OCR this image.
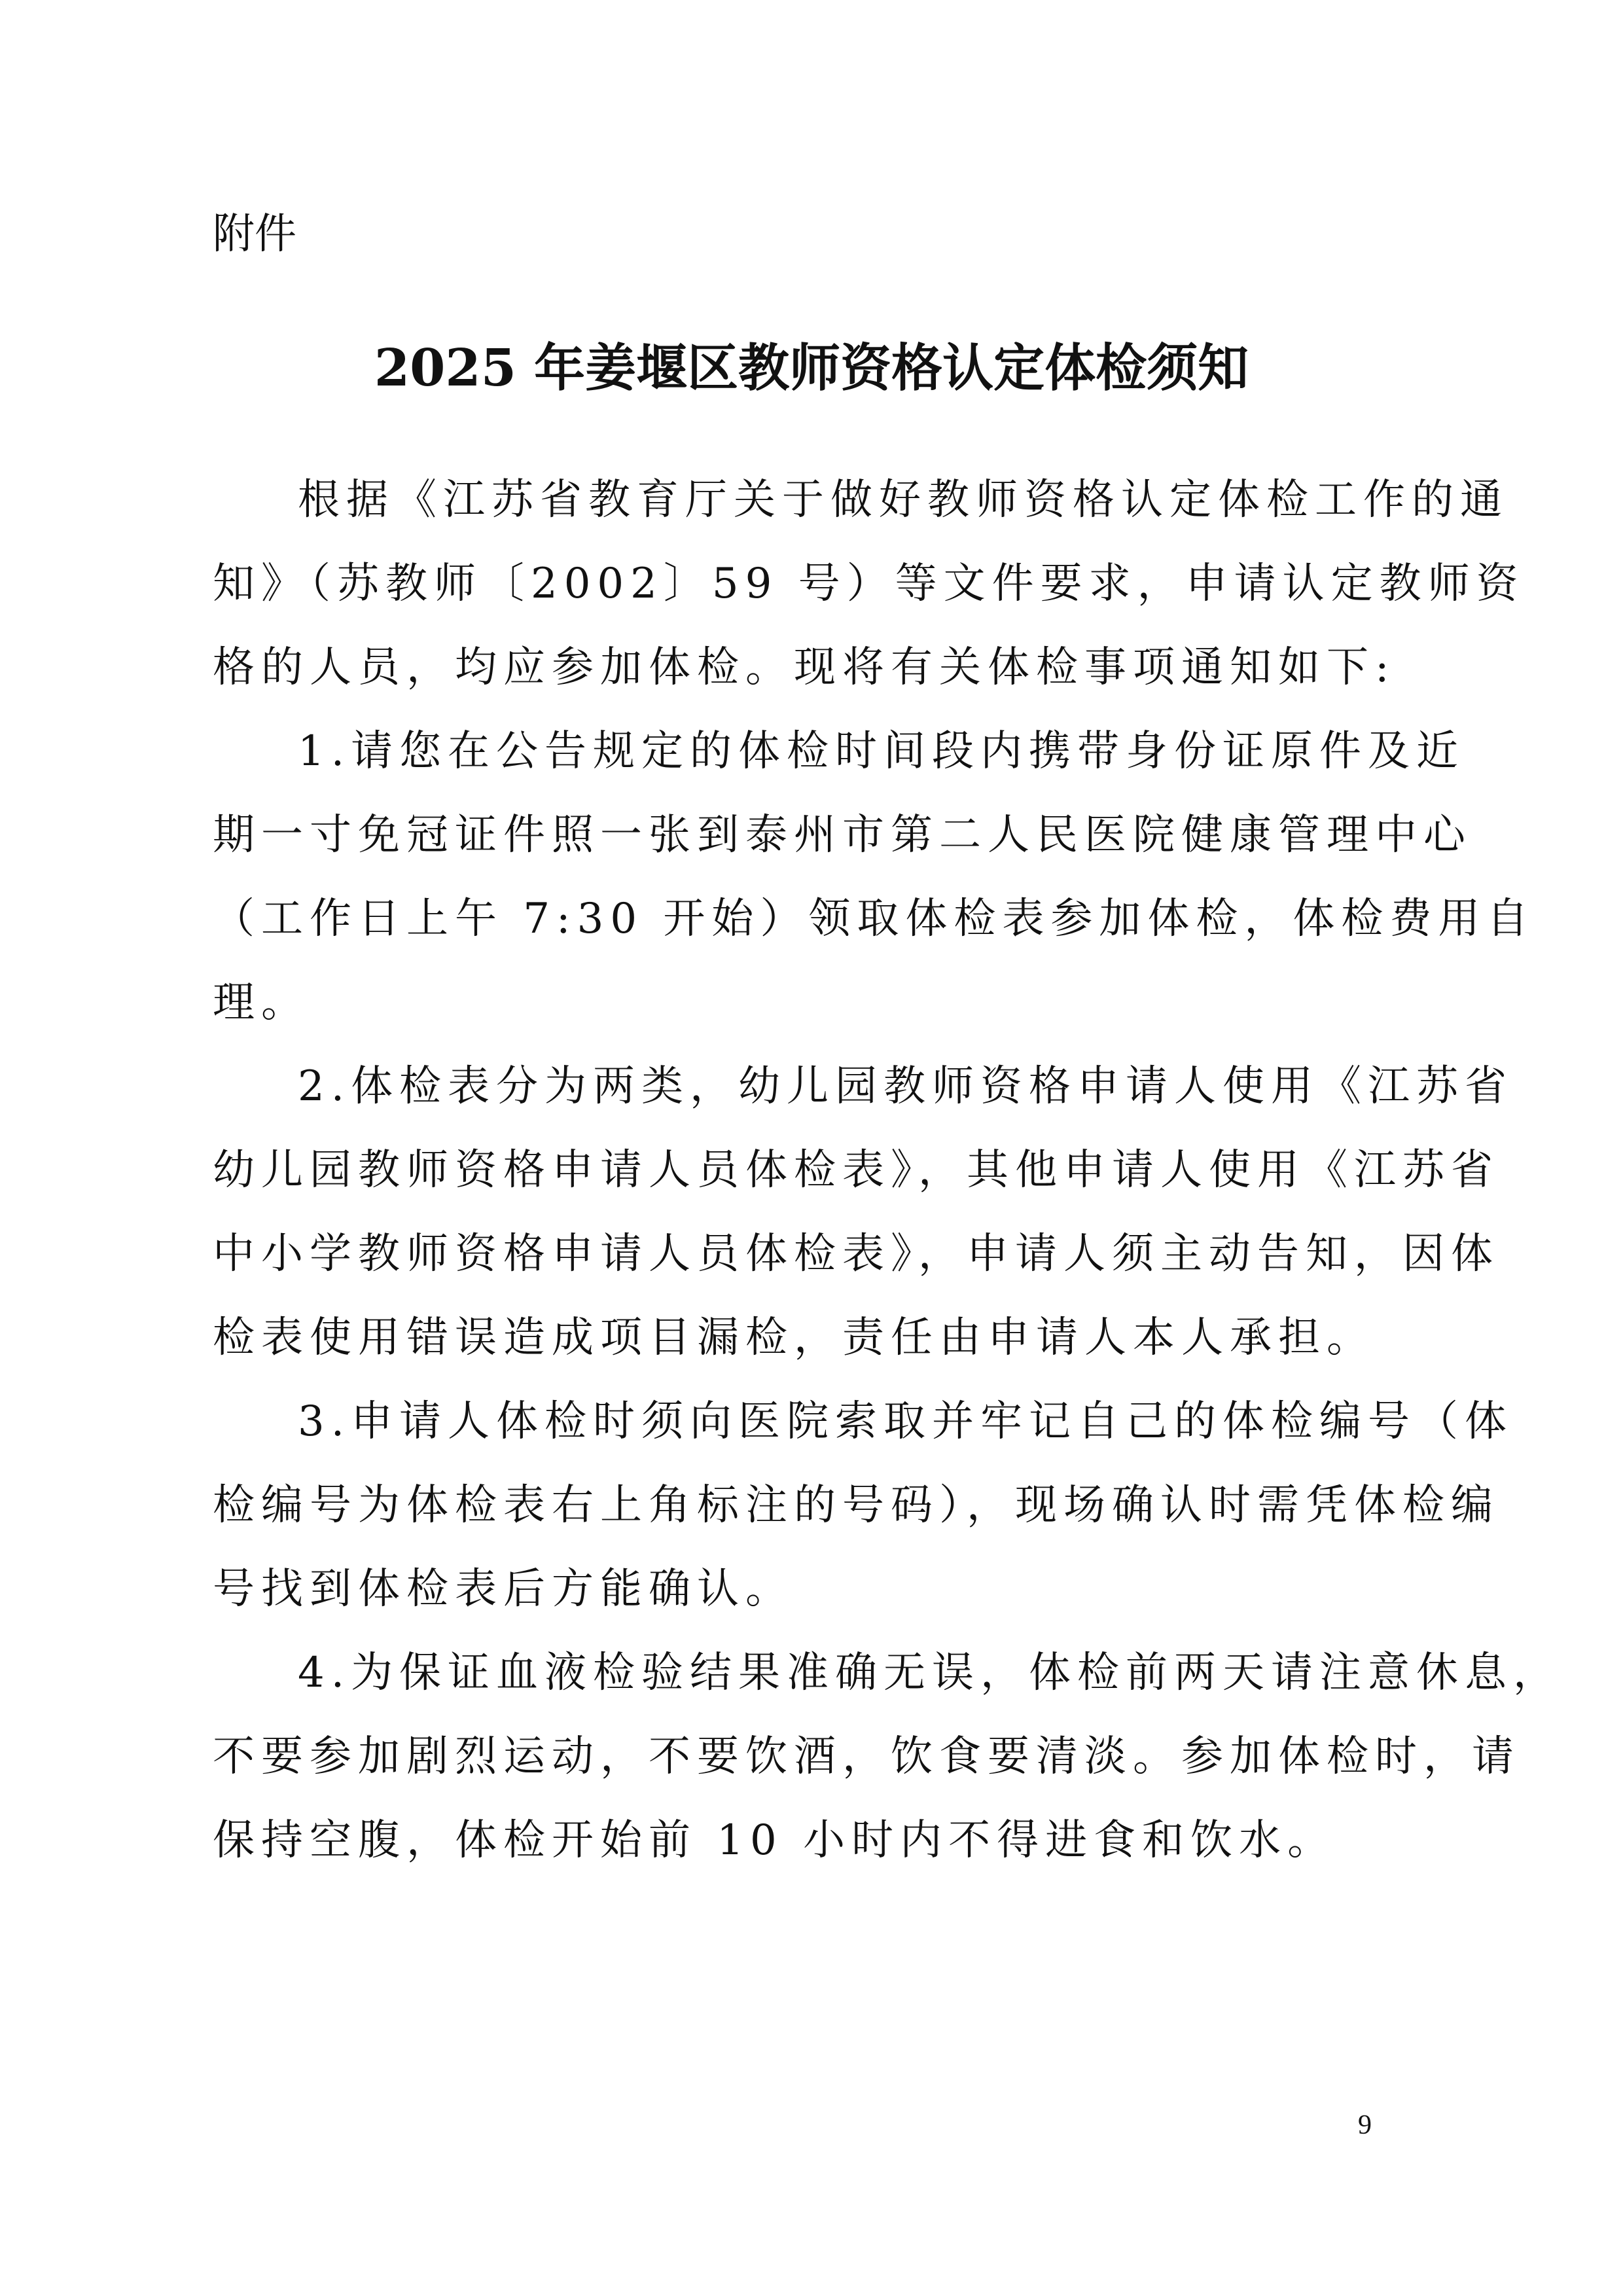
附件

2025 年姜堰区教师资格认定体检须知
根据《江苏省教育厅关于做好教师资格认定体检工作的通
知》（苏教师〔2002〕59 号）等文件要求，申请认定教师资
格的人员，均应参加体检。现将有关体检事项通知如下:
1.请您在公告规定的体检时间段内携带身份证原件及近
期一寸免冠证件照一张到泰州市第二人民医院健康管理中心
（工作日上午 7:30 开始）领取体检表参加体检，体检费用自
理。
2.体检表分为两类，幼儿园教师资格申请人使用《江苏省
幼儿园教师资格申请人员体检表》，其他申请人使用《江苏省
中小学教师资格申请人员体检表》，申请人须主动告知，因体
检表使用错误造成项目漏检，责任由申请人本人承担。
3.申请人体检时须向医院索取并牢记自己的体检编号（体
检编号为体检表右上角标注的号码），现场确认时需凭体检编
号找到体检表后方能确认。
4.为保证血液检验结果准确无误，体检前两天请注意休息，
不要参加剧烈运动，不要饮酒，饮食要清淡。参加体检时，请
保持空腹，体检开始前 10 小时内不得进食和饮水。

9
